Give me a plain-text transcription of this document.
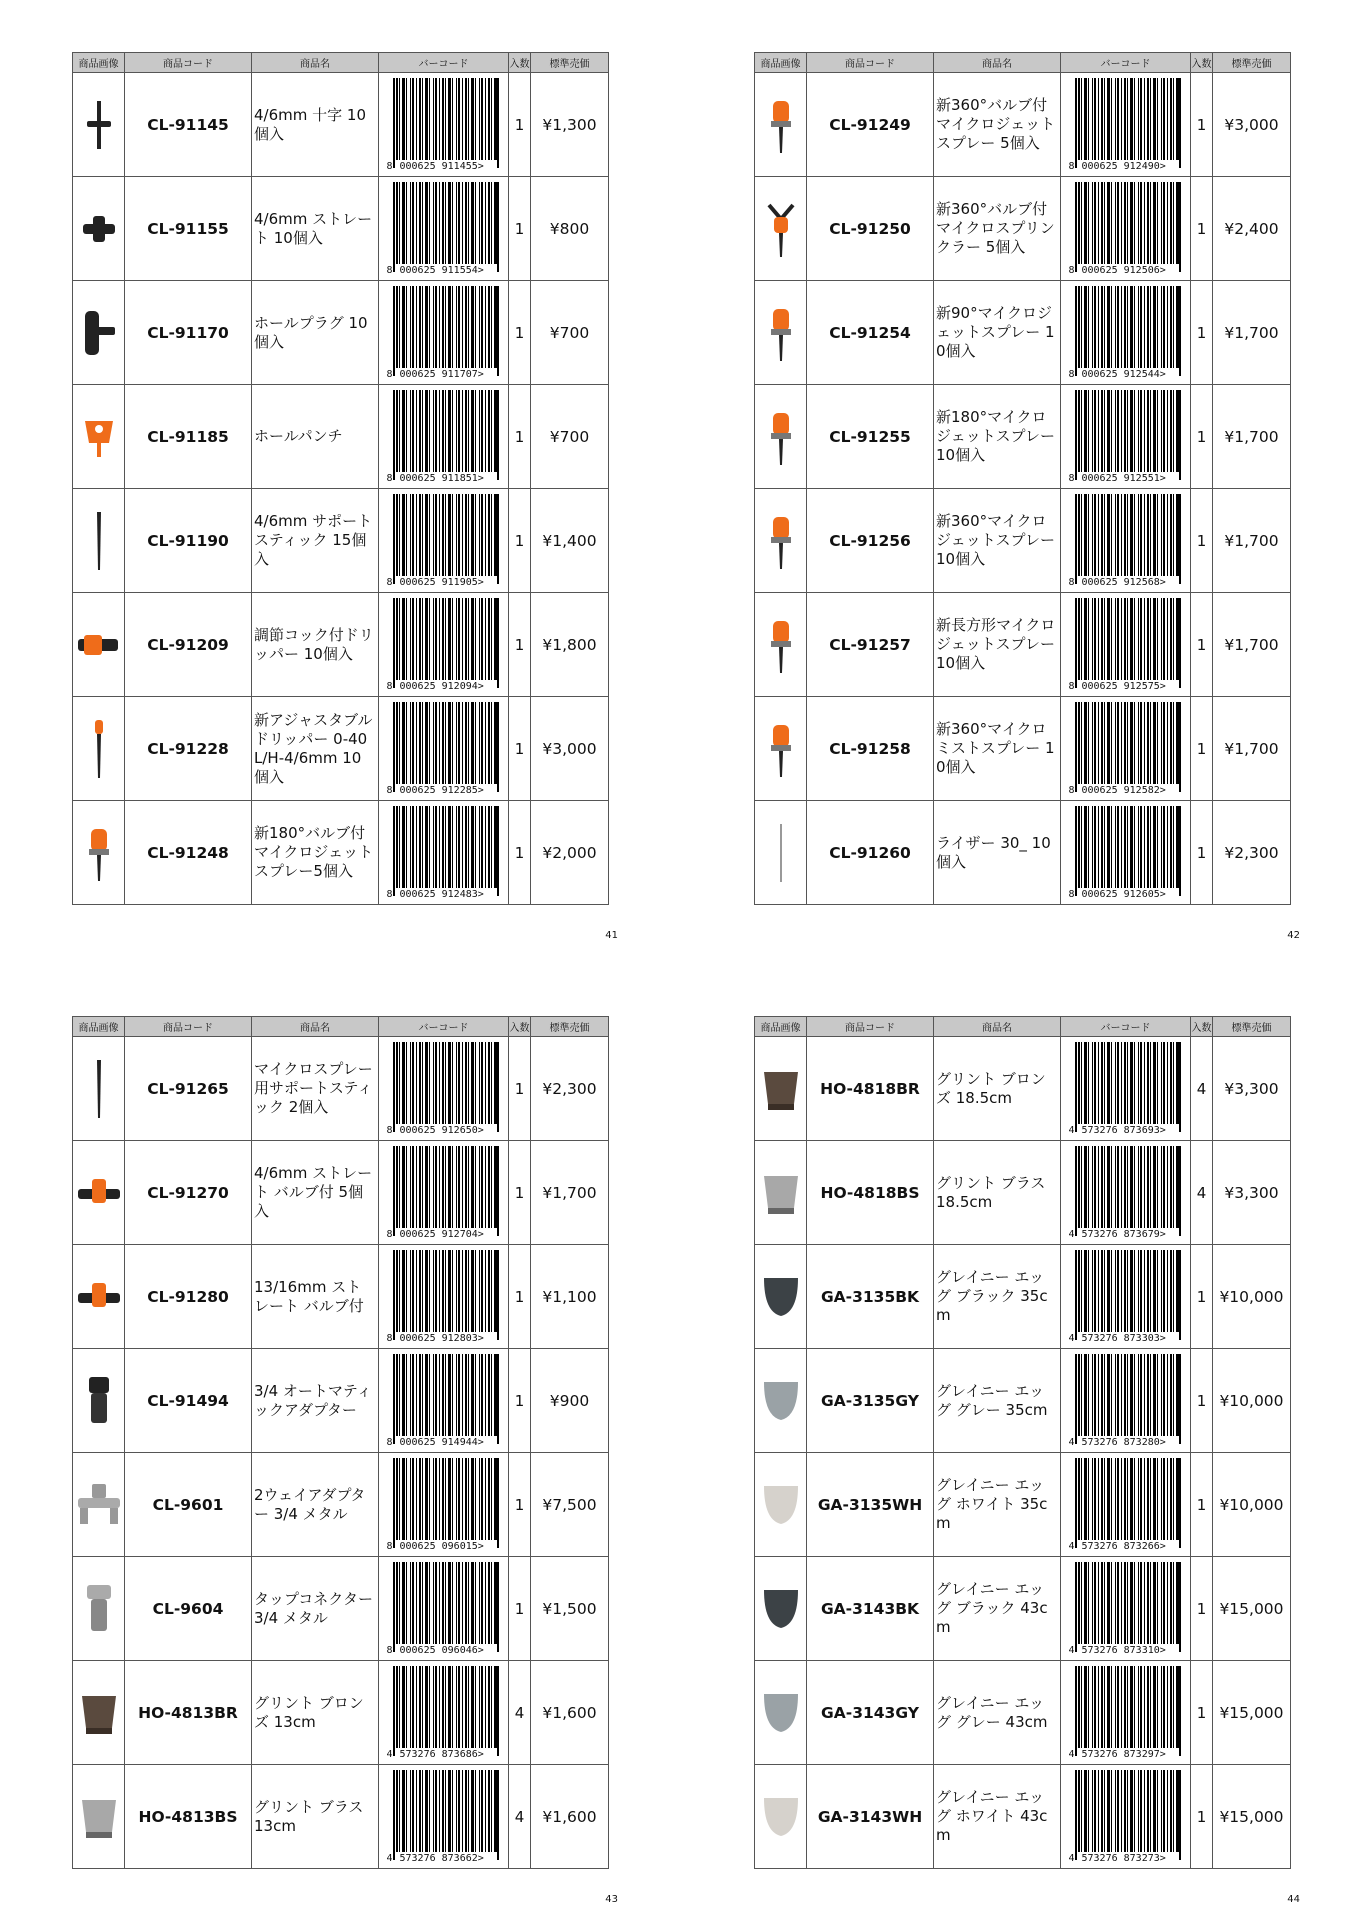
商品画像	商品コード	商品名	バーコード	入数	標準売価

	CL-91145	4/6mm 十字 10個入	8 000625 911455>	1	¥1,300

	CL-91155	4/6mm ストレート 10個入	8 000625 911554>	1	¥800

	CL-91170	ホールプラグ 10個入	8 000625 911707>	1	¥700

	CL-91185	ホールパンチ	8 000625 911851>	1	¥700

	CL-91190	4/6mm サポートスティック 15個入	8 000625 911905>	1	¥1,400

	CL-91209	調節コック付ドリッパー 10個入	8 000625 912094>	1	¥1,800

	CL-91228	新アジャスタブルドリッパー 0-40L/H-4/6mm 10個入	8 000625 912285>	1	¥3,000

	CL-91248	新180°バルブ付マイクロジェットスプレー5個入	8 000625 912483>	1	¥2,000
41
商品画像	商品コード	商品名	バーコード	入数	標準売価

	CL-91249	新360°バルブ付マイクロジェットスプレー 5個入	8 000625 912490>	1	¥3,000

	CL-91250	新360°バルブ付マイクロスプリンクラー 5個入	8 000625 912506>	1	¥2,400

	CL-91254	新90°マイクロジェットスプレー 10個入	8 000625 912544>	1	¥1,700

	CL-91255	新180°マイクロジェットスプレー 10個入	8 000625 912551>	1	¥1,700

	CL-91256	新360°マイクロジェットスプレー 10個入	8 000625 912568>	1	¥1,700

	CL-91257	新長方形マイクロジェットスプレー 10個入	8 000625 912575>	1	¥1,700

	CL-91258	新360°マイクロミストスプレー 10個入	8 000625 912582>	1	¥1,700

	CL-91260	ライザー 30_ 10個入	8 000625 912605>	1	¥2,300
42
商品画像	商品コード	商品名	バーコード	入数	標準売価

	CL-91265	マイクロスプレー用サポートスティック 2個入	8 000625 912650>	1	¥2,300

	CL-91270	4/6mm ストレート バルブ付 5個入	8 000625 912704>	1	¥1,700

	CL-91280	13/16mm ストレート バルブ付	8 000625 912803>	1	¥1,100

	CL-91494	3/4 オートマティックアダプター	8 000625 914944>	1	¥900

	CL-9601	2ウェイアダプター 3/4 メタル	8 000625 096015>	1	¥7,500

	CL-9604	タップコネクター 3/4 メタル	8 000625 096046>	1	¥1,500

	HO-4813BR	グリント ブロンズ 13cm	4 573276 873686>	4	¥1,600

	HO-4813BS	グリント ブラス 13cm	4 573276 873662>	4	¥1,600
43
商品画像	商品コード	商品名	バーコード	入数	標準売価

	HO-4818BR	グリント ブロンズ 18.5cm	4 573276 873693>	4	¥3,300

	HO-4818BS	グリント ブラス 18.5cm	4 573276 873679>	4	¥3,300

	GA-3135BK	グレイニー エッグ ブラック 35cm	4 573276 873303>	1	¥10,000

	GA-3135GY	グレイニー エッグ グレー 35cm	4 573276 873280>	1	¥10,000

	GA-3135WH	グレイニー エッグ ホワイト 35cm	4 573276 873266>	1	¥10,000

	GA-3143BK	グレイニー エッグ ブラック 43cm	4 573276 873310>	1	¥15,000

	GA-3143GY	グレイニー エッグ グレー 43cm	4 573276 873297>	1	¥15,000

	GA-3143WH	グレイニー エッグ ホワイト 43cm	4 573276 873273>	1	¥15,000
44
